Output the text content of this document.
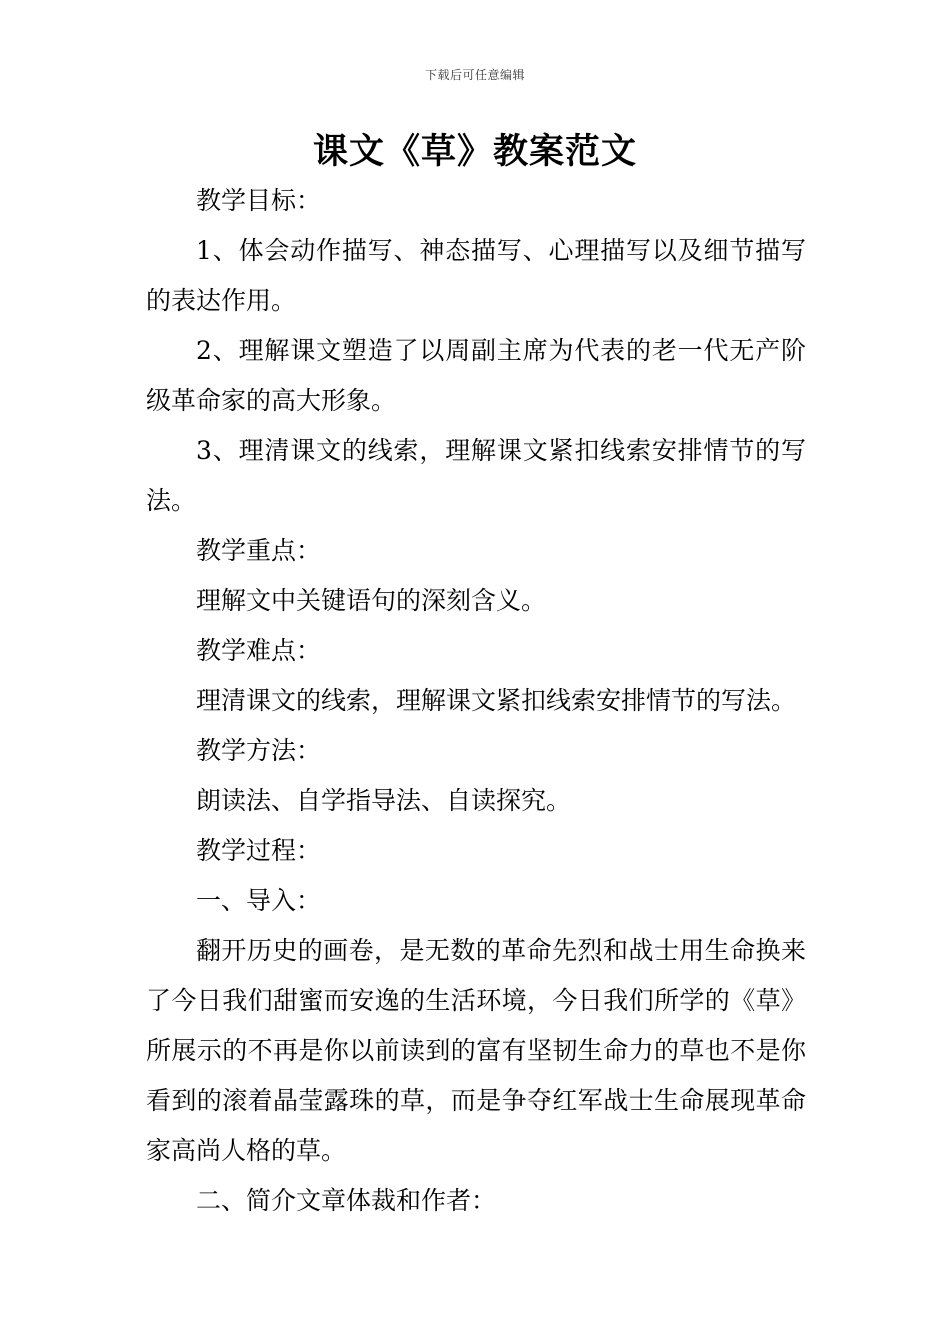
下载后可任意编辑
课文《草》教案范文

教学目标：

1、体会动作描写、神态描写、心理描写以及细节描写的表达作用。

2、理解课文塑造了以周副主席为代表的老一代无产阶级革命家的高大形象。

3、理清课文的线索，理解课文紧扣线索安排情节的写法。

教学重点：

理解文中关键语句的深刻含义。

教学难点：

理清课文的线索，理解课文紧扣线索安排情节的写法。

教学方法：

朗读法、自学指导法、自读探究。

教学过程：

一、导入：

翻开历史的画卷，是无数的革命先烈和战士用生命换来了今日我们甜蜜而安逸的生活环境，今日我们所学的《草》所展示的不再是你以前读到的富有坚韧生命力的草也不是你看到的滚着晶莹露珠的草，而是争夺红军战士生命展现革命家高尚人格的草。

二、简介文章体裁和作者：
